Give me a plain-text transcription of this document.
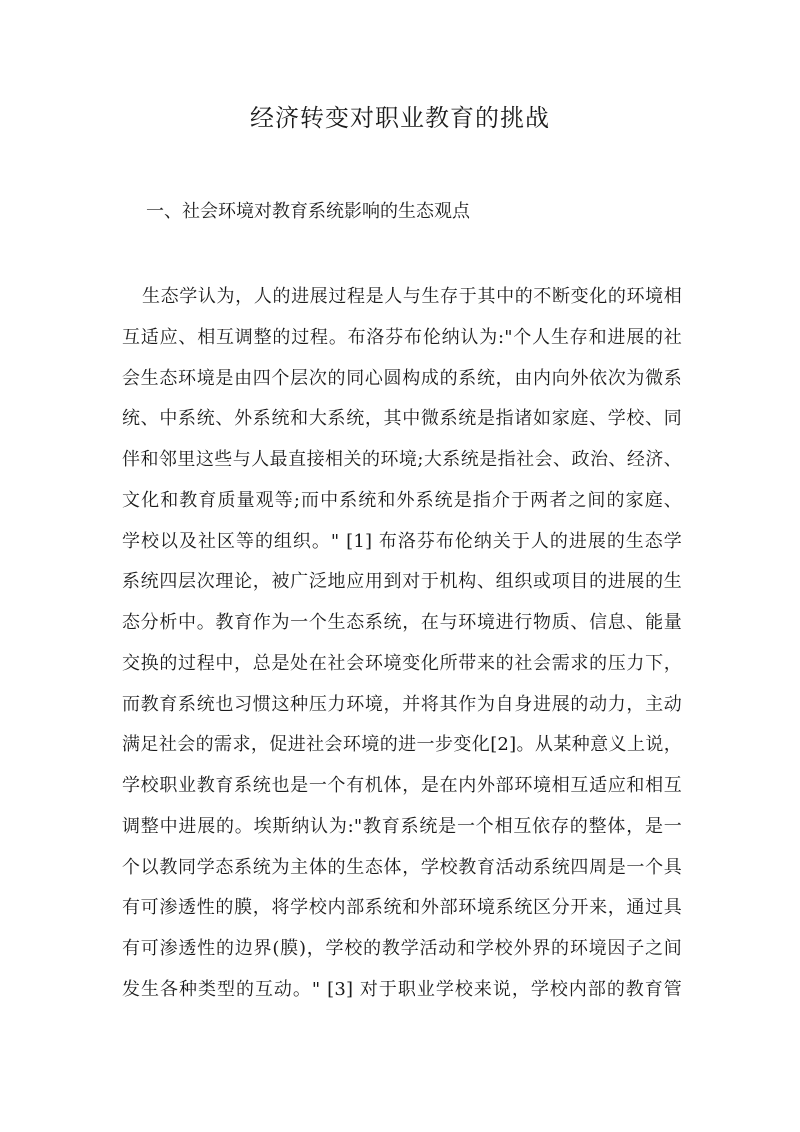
经济转变对职业教育的挑战
一、社会环境对教育系统影响的生态观点
生态学认为，人的进展过程是人与生存于其中的不断变化的环境相
互适应、相互调整的过程。布洛芬布伦纳认为:"个人生存和进展的社
会生态环境是由四个层次的同心圆构成的系统，由内向外依次为微系
统、中系统、外系统和大系统，其中微系统是指诸如家庭、学校、同
伴和邻里这些与人最直接相关的环境;大系统是指社会、政治、经济、
文化和教育质量观等;而中系统和外系统是指介于两者之间的家庭、
学校以及社区等的组织。" [1] 布洛芬布伦纳关于人的进展的生态学
系统四层次理论，被广泛地应用到对于机构、组织或项目的进展的生
态分析中。教育作为一个生态系统，在与环境进行物质、信息、能量
交换的过程中，总是处在社会环境变化所带来的社会需求的压力下，
而教育系统也习惯这种压力环境，并将其作为自身进展的动力，主动
满足社会的需求，促进社会环境的进一步变化[2]。从某种意义上说，
学校职业教育系统也是一个有机体，是在内外部环境相互适应和相互
调整中进展的。埃斯纳认为:"教育系统是一个相互依存的整体，是一
个以教同学态系统为主体的生态体，学校教育活动系统四周是一个具
有可渗透性的膜，将学校内部系统和外部环境系统区分开来，通过具
有可渗透性的边界(膜)，学校的教学活动和学校外界的环境因子之间
发生各种类型的互动。" [3] 对于职业学校来说，学校内部的教育管
